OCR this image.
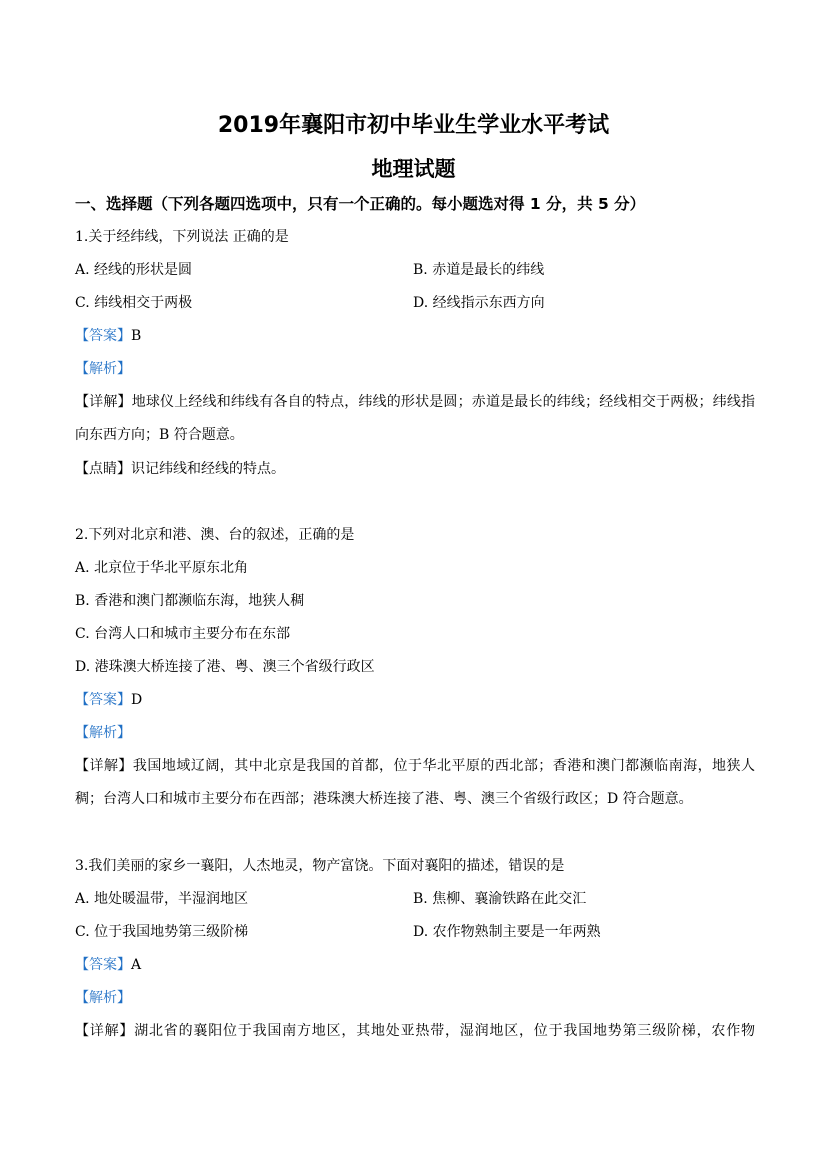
2019年襄阳市初中毕业生学业水平考试
地理试题
一、选择题（下列各题四选项中，只有一个正确的。每小题选对得 1 分，共 5 分）
1.关于经纬线，下列说法 正确的是
A. 经线的形状是圆	B. 赤道是最长的纬线
C. 纬线相交于两极	D. 经线指示东西方向
【答案】B
【解析】
【详解】地球仪上经线和纬线有各自的特点，纬线的形状是圆；赤道是最长的纬线；经线相交于两极；纬线指向东西方向；B 符合题意。
【点睛】识记纬线和经线的特点。
2.下列对北京和港、澳、台的叙述，正确的是
A. 北京位于华北平原东北角
B. 香港和澳门都濒临东海，地狭人稠
C. 台湾人口和城市主要分布在东部
D. 港珠澳大桥连接了港、粤、澳三个省级行政区
【答案】D
【解析】
【详解】我国地域辽阔，其中北京是我国的首都，位于华北平原的西北部；香港和澳门都濒临南海，地狭人稠；台湾人口和城市主要分布在西部；港珠澳大桥连接了港、粤、澳三个省级行政区；D 符合题意。
3.我们美丽的家乡一襄阳，人杰地灵，物产富饶。下面对襄阳的描述，错误的是
A. 地处暖温带，半湿润地区	B. 焦柳、襄渝铁路在此交汇
C. 位于我国地势第三级阶梯	D. 农作物熟制主要是一年两熟
【答案】A
【解析】
【详解】湖北省的襄阳位于我国南方地区，其地处亚热带，湿润地区，位于我国地势第三级阶梯，农作物
